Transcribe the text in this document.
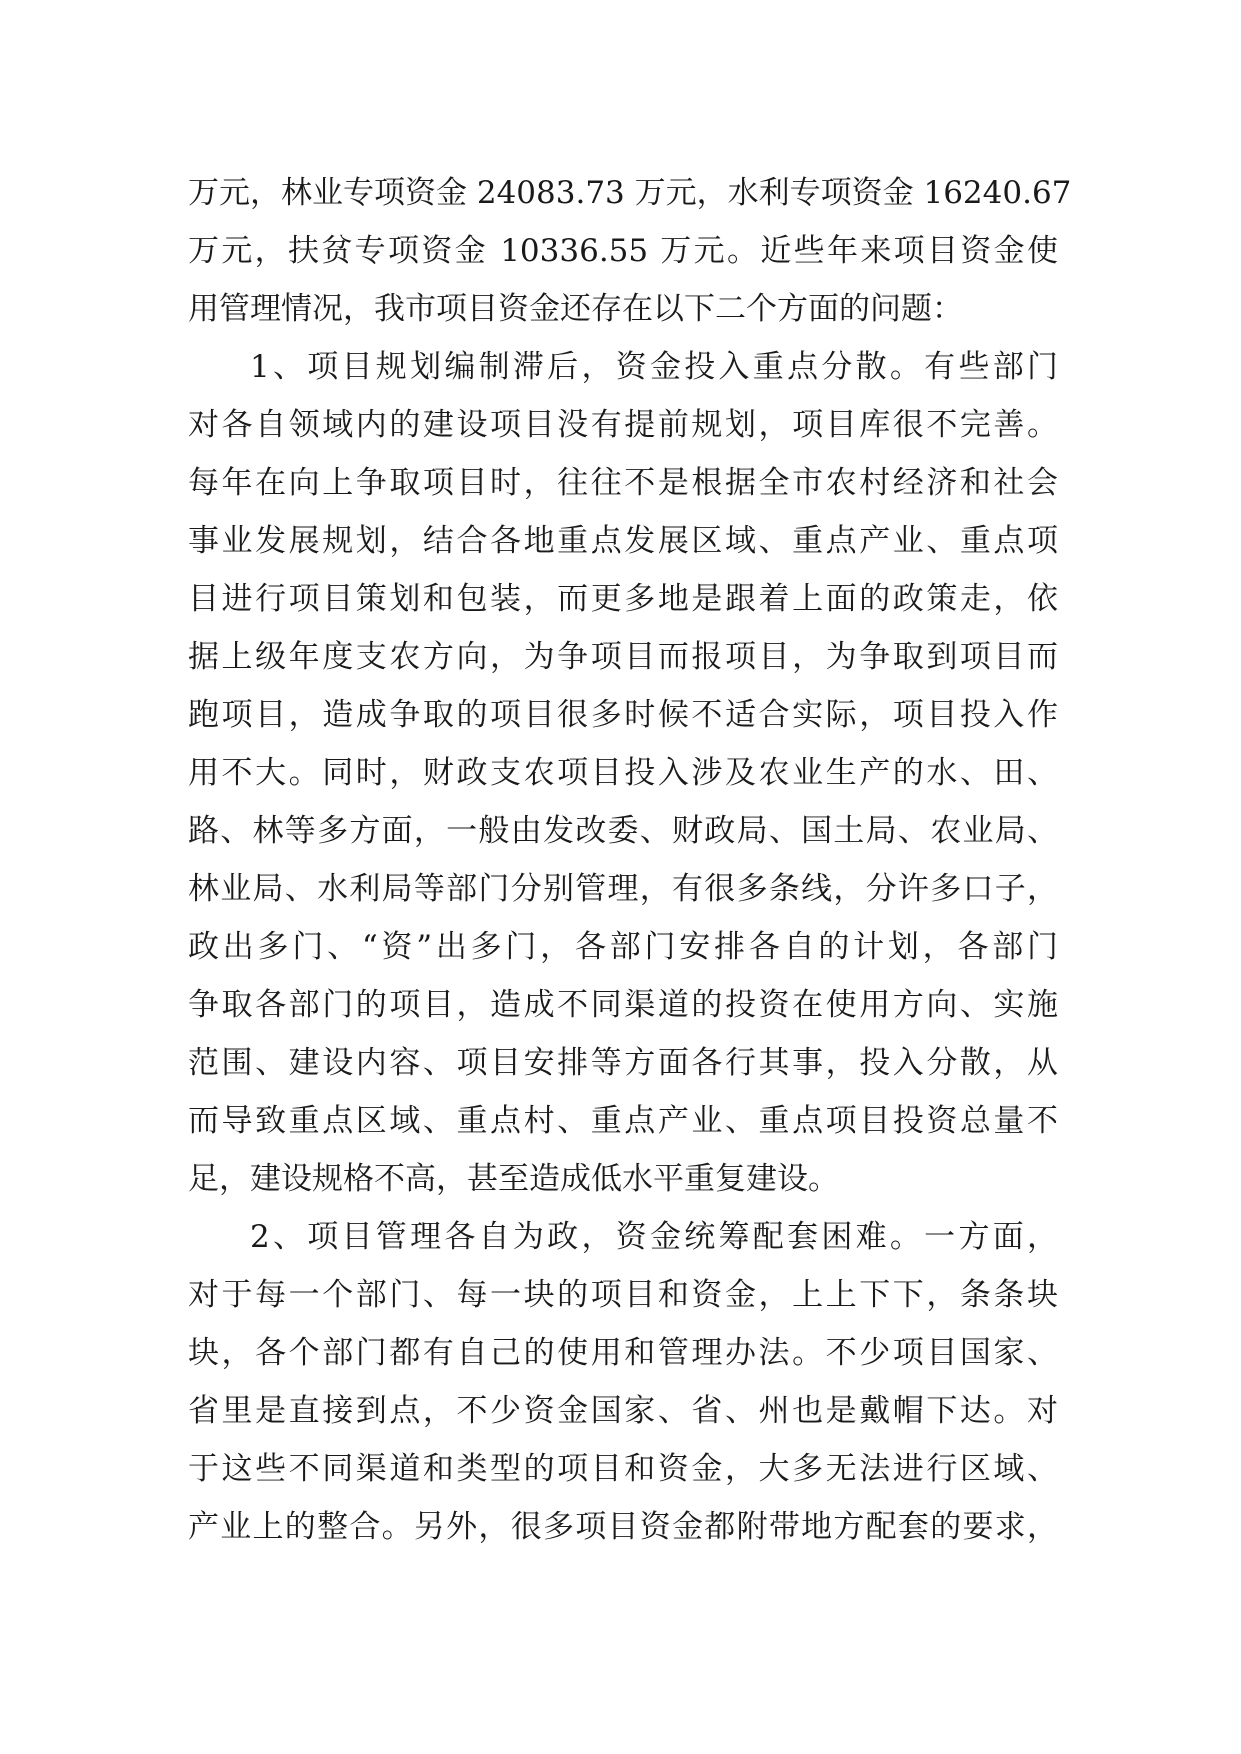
万元，林业专项资金 24083.73 万元，水利专项资金 16240.67
万元，扶贫专项资金 10336.55 万元。近些年来项目资金使
用管理情况，我市项目资金还存在以下二个方面的问题：
1、项目规划编制滞后，资金投入重点分散。有些部门
对各自领域内的建设项目没有提前规划，项目库很不完善。
每年在向上争取项目时，往往不是根据全市农村经济和社会
事业发展规划，结合各地重点发展区域、重点产业、重点项
目进行项目策划和包装，而更多地是跟着上面的政策走，依
据上级年度支农方向，为争项目而报项目，为争取到项目而
跑项目，造成争取的项目很多时候不适合实际，项目投入作
用不大。同时，财政支农项目投入涉及农业生产的水、田、
路、林等多方面，一般由发改委、财政局、国土局、农业局、
林业局、水利局等部门分别管理，有很多条线，分许多口子，
政出多门、“资”出多门，各部门安排各自的计划，各部门
争取各部门的项目，造成不同渠道的投资在使用方向、实施
范围、建设内容、项目安排等方面各行其事，投入分散，从
而导致重点区域、重点村、重点产业、重点项目投资总量不
足，建设规格不高，甚至造成低水平重复建设。
2、项目管理各自为政，资金统筹配套困难。一方面，
对于每一个部门、每一块的项目和资金，上上下下，条条块
块，各个部门都有自己的使用和管理办法。不少项目国家、
省里是直接到点，不少资金国家、省、州也是戴帽下达。对
于这些不同渠道和类型的项目和资金，大多无法进行区域、
产业上的整合。另外，很多项目资金都附带地方配套的要求，
